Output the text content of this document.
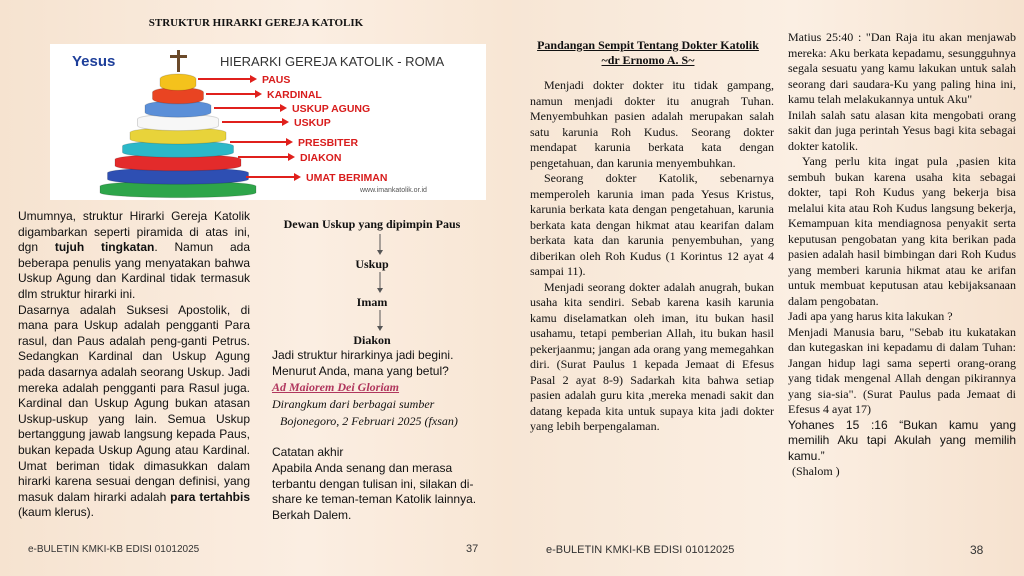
STRUKTUR HIRARKI GEREJA KATOLIK
Yesus	HIERARKI GEREJA KATOLIK - ROMA
PAUS
KARDINAL
USKUP AGUNG
USKUP
PRESBITER
DIAKON
UMAT BERIMAN
www.imankatolik.or.id

Umumnya, struktur Hirarki Gereja Katolik digambarkan seperti piramida di atas ini, dgn tujuh tingkatan. Namun ada beberapa penulis yang menyatakan bahwa Uskup Agung dan Kardinal tidak termasuk dlm struktur hirarki ini.

Dasarnya adalah Suksesi Apostolik, di mana para Uskup adalah pengganti Para rasul, dan Paus adalah peng-ganti Petrus. Sedangkan Kardinal dan Uskup Agung pada dasarnya adalah seorang Uskup. Jadi mereka adalah pengganti para Rasul juga. Kardinal dan Uskup Agung bukan atasan Uskup-uskup yang lain. Semua Uskup bertanggung jawab langsung kepada Paus, bukan kepada Uskup Agung atau Kardinal. Umat beriman tidak dimasukkan dalam hirarki karena sesuai dengan definisi, yang masuk dalam hirarki adalah para tertahbis (kaum klerus).

Dewan Uskup yang dipimpin Paus
Uskup
Imam
Diakon
Jadi struktur hirarkinya jadi begini. Menurut Anda, mana yang betul?
Ad Maiorem Dei Gloriam
Dirangkum dari berbagai sumber
Bojonegoro, 2 Februari 2025 (fxsan)
Catatan akhir
Apabila Anda senang dan merasa terbantu dengan tulisan ini, silakan di-share ke teman-teman Katolik lainnya. Berkah Dalem.
e-BULETIN KMKI-KB EDISI 01012025	37
Pandangan Sempit Tentang Dokter Katolik
~dr Ernomo A. S~

Menjadi dokter dokter itu tidak gampang, namun menjadi dokter itu anugrah Tuhan. Menyembuhkan pasien adalah merupakan salah satu karunia Roh Kudus. Seorang dokter mendapat karunia berkata kata dengan pengetahuan, dan karunia menyembuhkan.

Seorang dokter Katolik, sebenarnya memperoleh karunia iman pada Yesus Kristus, karunia berkata kata dengan pengetahuan, karunia berkata kata dengan hikmat atau kearifan dalam berkata kata dan karunia penyembuhan, yang diberikan oleh Roh Kudus (1 Korintus 12 ayat 4 sampai 11).

Menjadi seorang dokter adalah anugrah, bukan usaha kita sendiri. Sebab karena kasih karunia kamu diselamatkan oleh iman, itu bukan hasil usahamu, tetapi pemberian Allah, itu bukan hasil pekerjaanmu; jangan ada orang yang memegahkan diri. (Surat Paulus 1 kepada Jemaat di Efesus Pasal 2 ayat 8-9) Sadarkah kita bahwa setiap pasien adalah guru kita ,mereka menadi sakit dan datang kepada kita untuk supaya kita jadi dokter yang lebih berpengalaman.

Matius 25:40 : "Dan Raja itu akan menjawab mereka: Aku berkata kepadamu, sesungguhnya segala sesuatu yang kamu lakukan untuk salah seorang dari saudara-Ku yang paling hina ini, kamu telah melakukannya untuk Aku"

Inilah salah satu alasan kita mengobati orang sakit dan juga perintah Yesus bagi kita sebagai dokter katolik.

Yang perlu kita ingat pula ,pasien kita sembuh bukan karena usaha kita sebagai dokter, tapi Roh Kudus yang bekerja bisa melalui kita atau Roh Kudus langsung bekerja, Kemampuan kita mendiagnosa penyakit serta keputusan pengobatan yang kita berikan pada pasien adalah hasil bimbingan dari Roh Kudus yang memberi karunia hikmat atau ke arifan untuk membuat keputusan atau kebijaksanaan dalam pengobatan.

Jadi apa yang harus kita lakukan ?

Menjadi Manusia baru, "Sebab itu kukatakan dan kutegaskan ini kepadamu di dalam Tuhan: Jangan hidup lagi sama seperti orang-orang yang tidak mengenal Allah dengan pikirannya yang sia-sia". (Surat Paulus pada Jemaat di Efesus 4 ayat 17)

Yohanes 15 :16 “Bukan kamu yang memilih Aku tapi Akulah yang memilih kamu.”

(Shalom )

e-BULETIN KMKI-KB EDISI 01012025	38
